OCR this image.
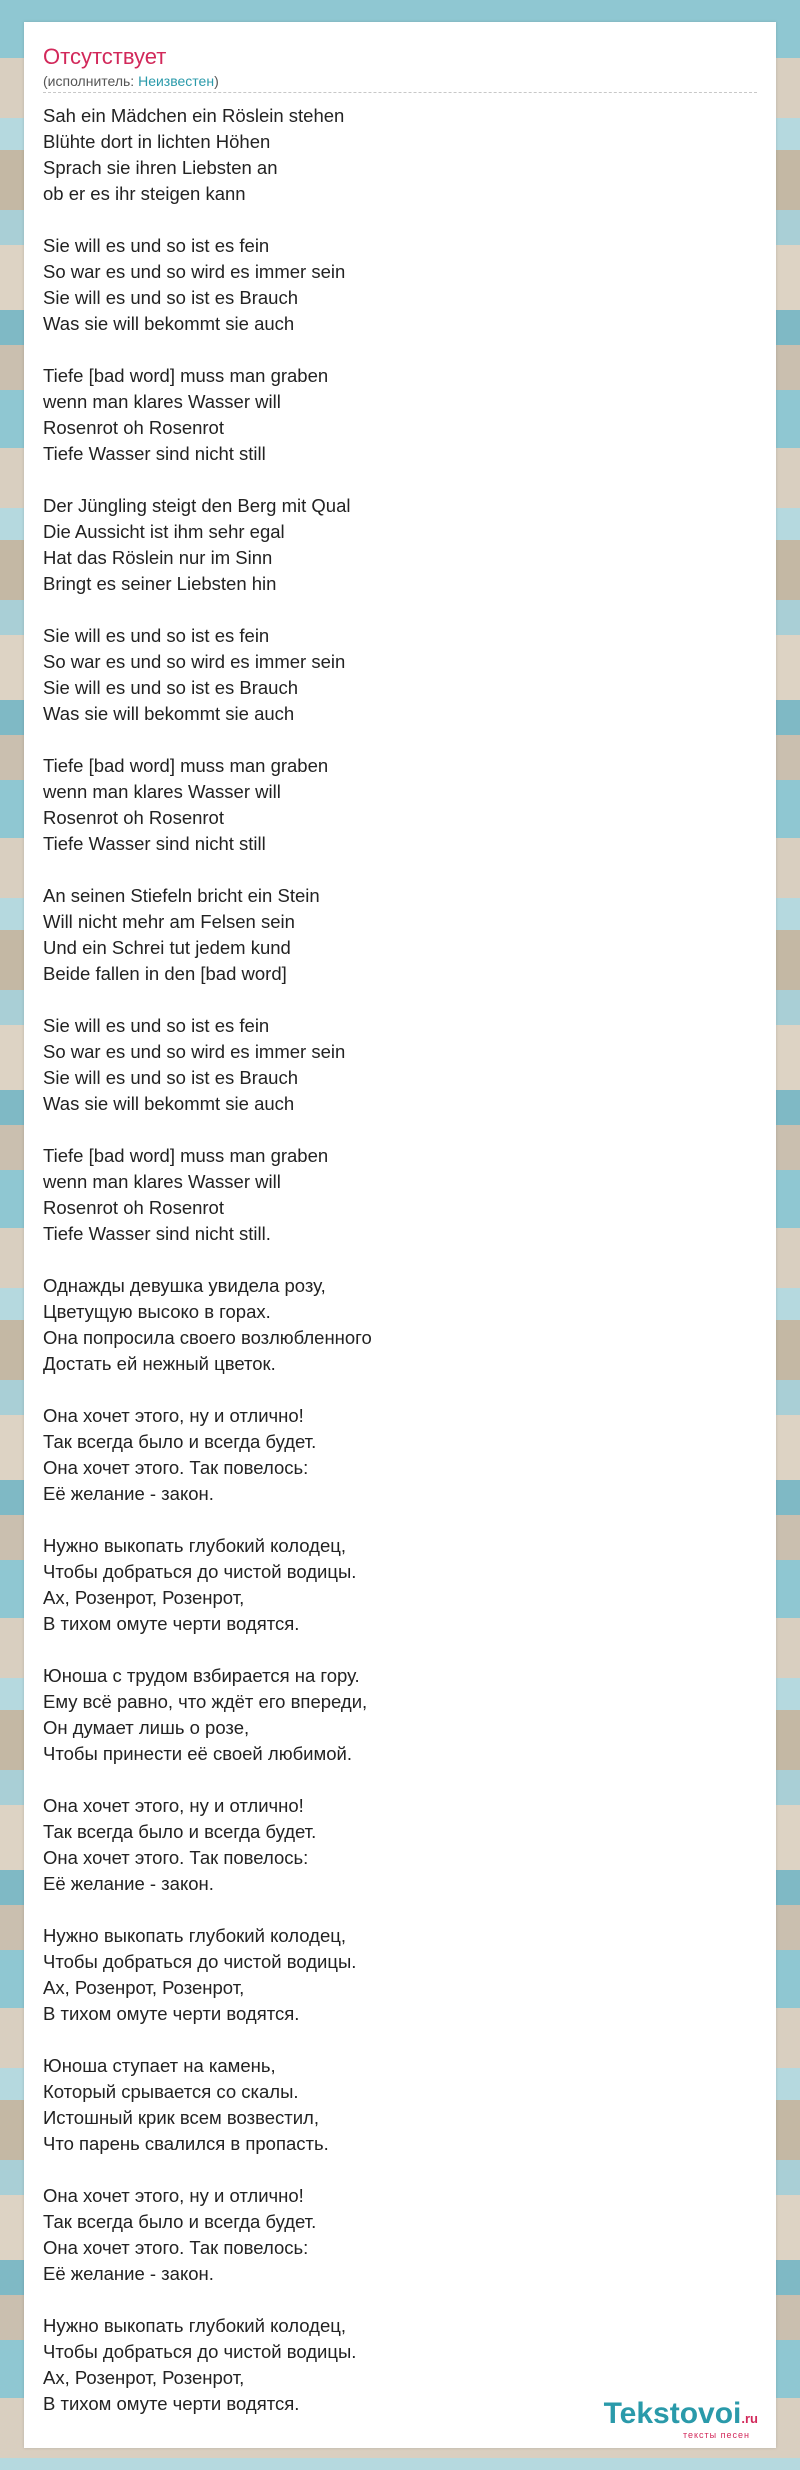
Отсутствует
(исполнитель: Неизвестен)
Sah ein Mädchen ein Röslein stehen
Blühte dort in lichten Höhen
Sprach sie ihren Liebsten an
ob er es ihr steigen kann
Sie will es und so ist es fein
So war es und so wird es immer sein
Sie will es und so ist es Brauch
Was sie will bekommt sie auch
Tiefe [bad word] muss man graben
wenn man klares Wasser will
Rosenrot oh Rosenrot
Tiefe Wasser sind nicht still
Der Jüngling steigt den Berg mit Qual
Die Aussicht ist ihm sehr egal
Hat das Röslein nur im Sinn
Bringt es seiner Liebsten hin
Sie will es und so ist es fein
So war es und so wird es immer sein
Sie will es und so ist es Brauch
Was sie will bekommt sie auch
Tiefe [bad word] muss man graben
wenn man klares Wasser will
Rosenrot oh Rosenrot
Tiefe Wasser sind nicht still
An seinen Stiefeln bricht ein Stein
Will nicht mehr am Felsen sein
Und ein Schrei tut jedem kund
Beide fallen in den [bad word]
Sie will es und so ist es fein
So war es und so wird es immer sein
Sie will es und so ist es Brauch
Was sie will bekommt sie auch
Tiefe [bad word] muss man graben
wenn man klares Wasser will
Rosenrot oh Rosenrot
Tiefe Wasser sind nicht still.
Однажды девушка увидела розу,
Цветущую высоко в горах.
Она попросила своего возлюбленного
Достать ей нежный цветок.
Она хочет этого, ну и отлично!
Так всегда было и всегда будет.
Она хочет этого. Так повелось:
Её желание - закон.
Нужно выкопать глубокий колодец,
Чтобы добраться до чистой водицы.
Ах, Розенрот, Розенрот,
В тихом омуте черти водятся.
Юноша с трудом взбирается на гору.
Ему всё равно, что ждёт его впереди,
Он думает лишь о розе,
Чтобы принести её своей любимой.
Она хочет этого, ну и отлично!
Так всегда было и всегда будет.
Она хочет этого. Так повелось:
Её желание - закон.
Нужно выкопать глубокий колодец,
Чтобы добраться до чистой водицы.
Ах, Розенрот, Розенрот,
В тихом омуте черти водятся.
Юноша ступает на камень,
Который срывается со скалы.
Истошный крик всем возвестил,
Что парень свалился в пропасть.
Она хочет этого, ну и отлично!
Так всегда было и всегда будет.
Она хочет этого. Так повелось:
Её желание - закон.
Нужно выкопать глубокий колодец,
Чтобы добраться до чистой водицы.
Ах, Розенрот, Розенрот,
В тихом омуте черти водятся.	Tekstovoi.ru
тексты песен
